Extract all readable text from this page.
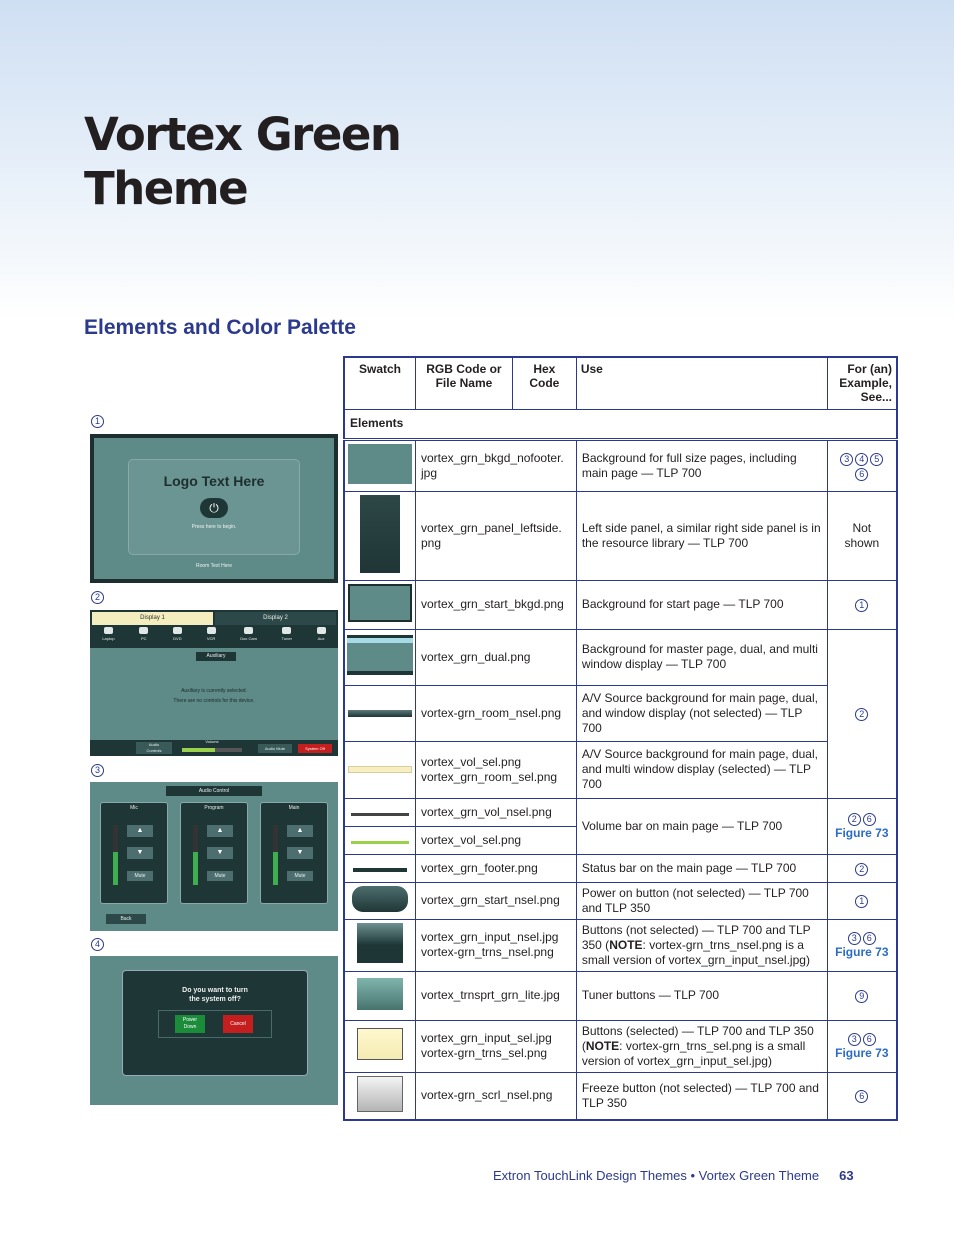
Vortex Green
Theme
Elements and Color Palette
1
Logo Text Here
⏻
Press here to begin.
Room Text Here
2
Display 1	Display 2
Laptop	PC	DVD	VCR	Doc Cam	Tuner	Aux
Auxiliary
Auxiliary is currently selected.
There are no controls for this device.
Audio
Controls
Volume
Audio Mute	System Off
3
Audio Control
Mic
▲
▼
Mute
Program
▲
▼
Mute
Main
▲
▼
Mute
Back
4
Do you want to turn
the system off?
Power
Down	Cancel
Swatch	RGB Code or
File Name	Hex
Code	Use	For (an)
Example,
See...
Elements				
	vortex_grn_bkgd_nofooter.
jpg		Background for full size pages, including main page — TLP 700	3 4 5
6
	vortex_grn_panel_leftside.
png		Left side panel, a similar right side panel is in the resource library — TLP 700	Not
shown
	vortex_grn_start_bkgd.png		Background for start page — TLP 700	1
	vortex_grn_dual.png		Background for master page, dual, and multi window display — TLP 700	2
	vortex-grn_room_nsel.png		A/V Source background for main page, dual, and window display (not selected) — TLP 700	
	vortex_vol_sel.png
vortex_grn_room_sel.png		A/V Source background for main page, dual, and multi window display (selected) — TLP 700	
	vortex_grn_vol_nsel.png		Volume bar on main page — TLP 700	2 6
Figure 73
	vortex_vol_sel.png			
	vortex_grn_footer.png		Status bar on the main page — TLP 700	2
	vortex_grn_start_nsel.png		Power on button (not selected) — TLP 700 and TLP 350	1
	vortex_grn_input_nsel.jpg
vortex-grn_trns_nsel.png		Buttons (not selected) — TLP 700 and TLP 350 (NOTE: vortex-grn_trns_nsel.png is a small version of vortex_grn_input_nsel.jpg)	3 6
Figure 73
	vortex_trnsprt_grn_lite.jpg		Tuner buttons — TLP 700	9
	vortex_grn_input_sel.jpg
vortex-grn_trns_sel.png		Buttons (selected) — TLP 700 and TLP 350 (NOTE: vortex-grn_trns_sel.png is a small version of vortex_grn_input_sel.jpg)	3 6
Figure 73
	vortex-grn_scrl_nsel.png		Freeze button (not selected) — TLP 700 and TLP 350	6
Extron TouchLink Design Themes • Vortex Green Theme 63
